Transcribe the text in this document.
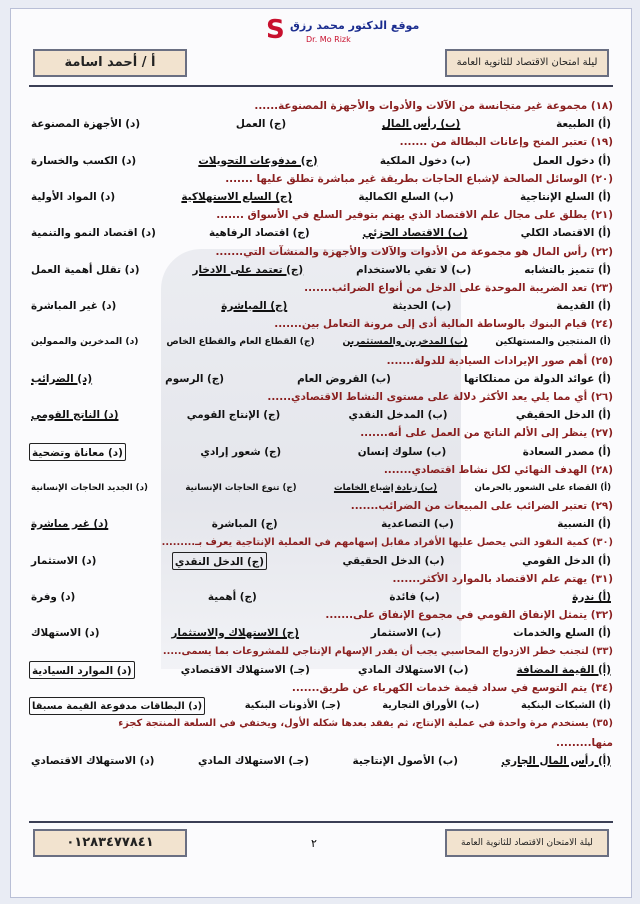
S موقع الدكتور محمد رزق
Dr. Mo Rizk
ليلة امتحان الاقتصاد للثانوية العامة
أ / أحمد اسامة
(١٨) مجموعة غير متجانسة من الآلات والأدوات والأجهزة المصنوعة......
(أ) الطبيعة
(ب) رأس المال
(ج) العمل
(د) الأجهزة المصنوعة
(١٩) تعتبر المنح وإعانات البطالة من .......
(أ) دخول العمل
(ب) دخول الملكية
(ج) مدفوعات التحويلات
(د) الكسب والخسارة
(٢٠) الوسائل الصالحة لإشباع الحاجات بطريقة غير مباشرة تطلق عليها .......
(أ) السلع الإنتاجية
(ب) السلع الكمالية
(ج) السلع الاستهلاكية
(د) المواد الأولية
(٢١) يطلق على مجال علم الاقتصاد الذي يهتم بتوفير السلع في الأسواق .......
(أ) الاقتصاد الكلي
(ب) الاقتصاد الجزئي
(ج) اقتصاد الرفاهية
(د) اقتصاد النمو والتنمية
(٢٢) رأس المال هو مجموعة من الأدوات والآلات والأجهزة والمنشآت التي.......
(أ) تتميز بالتشابه
(ب) لا تفي بالاستخدام
(ج) تعتمد على الادخار
(د) تقلل أهمية العمل
(٢٣) تعد الضريبة الموحدة على الدخل من أنواع الضرائب.......
(أ) القديمة
(ب) الحديثة
(ج) المباشرة
(د) غير المباشرة
(٢٤) قيام البنوك بالوساطة المالية أدى إلى مرونة التعامل بين.......
(أ) المنتجين والمستهلكين
(ب) المدخرين والمستثمرين
(ج) القطاع العام والقطاع الخاص
(د) المدخرين والممولين
(٢٥) أهم صور الإيرادات السيادية للدولة.......
(أ) عوائد الدولة من ممتلكاتها
(ب) القروض العام
(ج) الرسوم
(د) الضرائب
(٢٦) أي مما يلي يعد الأكثر دلالة على مستوى النشاط الاقتصادي......
(أ) الدخل الحقيقي
(ب) المدخل النقدي
(ج) الإنتاج القومي
(د) الناتج القومي
(٢٧) ينظر إلى الألم الناتج من العمل على أنه.......
(أ) مصدر السعادة
(ب) سلوك إنسان
(ج) شعور إرادي
(د) معاناة وتضحية
(٢٨) الهدف النهائي لكل نشاط اقتصادي.......
(أ) القضاء على الشعور بالحرمان
(ب) زيادة إشباع الخامات
(ج) تنوع الحاجات الإنسانية
(د) الجديد الحاجات الإنسانية
(٢٩) تعتبر الضرائب على المبيعات من الضرائب.......
(أ) النسبية
(ب) التصاعدية
(ج) المباشرة
(د) غير مباشرة
(٣٠) كمية النقود التي يحصل عليها الأفراد مقابل إسهامهم في العملية الإنتاجية يعرف بـ.........
(أ) الدخل القومي
(ب) الدخل الحقيقي
(ج) الدخل النقدي
(د) الاستثمار
(٣١) يهتم علم الاقتصاد بالموارد الأكثر.......
(أ) ندرة
(ب) فائدة
(ج) أهمية
(د) وفرة
(٣٢) يتمثل الإنفاق القومي في مجموع الإنفاق على.......
(أ) السلع والخدمات
(ب) الاستثمار
(ج) الاستهلاك والاستثمار
(د) الاستهلاك
(٣٣) لتجنب خطر الازدواج المحاسبي يجب أن يقدر الإسهام الإنتاجي للمشروعات بما يسمى.....
(أ) القيمة المضافة
(ب) الاستهلاك المادي
(جـ) الاستهلاك الاقتصادي
(د) الموارد السيادية
(٣٤) يتم التوسع في سداد قيمة خدمات الكهرباء عن طريق.......
(أ) الشبكات البنكية
(ب) الأوراق التجارية
(جـ) الأذونات البنكية
(د) البطاقات مدفوعة القيمة مسبقا
(٣٥) يستخدم مرة واحدة في عملية الإنتاج، ثم يفقد بعدها شكله الأول، ويختفي في السلعة المنتجة كجزء
منها.........
(أ) رأس المال الجاري
(ب) الأصول الإنتاجية
(جـ) الاستهلاك المادي
(د) الاستهلاك الاقتصادي
ليلة الامتحان الاقتصاد للثانوية العامة
٢
٠١٢٨٣٤٧٧٨٤١
